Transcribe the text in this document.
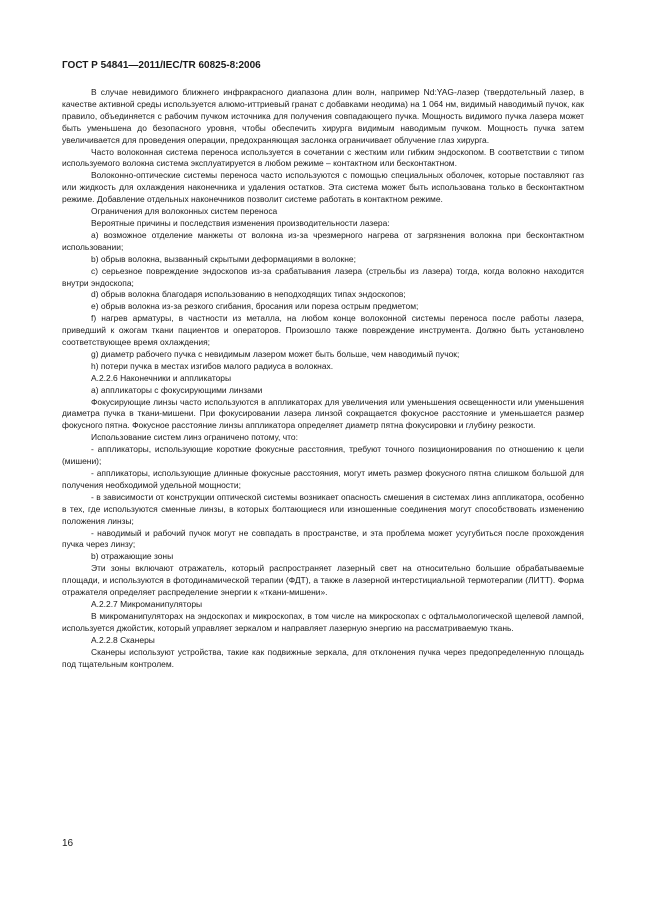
ГОСТ Р 54841—2011/IEC/TR 60825-8:2006

В случае невидимого ближнего инфракрасного диапазона длин волн, например Nd:YAG-лазер (твердотельный лазер, в качестве активной среды используется алюмо-иттриевый гранат с добавками неодима) на 1 064 нм, видимый наводимый пучок, как правило, объединяется с рабочим пучком источника для получения совпадающего пучка. Мощность видимого пучка лазера может быть уменьшена до безопасного уровня, чтобы обеспечить хирурга видимым наводимым пучком. Мощность пучка затем увеличивается для проведения операции, предохраняющая заслонка ограничивает облучение глаз хирурга.

Часто волоконная система переноса используется в сочетании с жестким или гибким эндоскопом. В соответствии с типом используемого волокна система эксплуатируется в любом режиме – контактном или бесконтактном.

Волоконно-оптические системы переноса часто используются с помощью специальных оболочек, которые поставляют газ или жидкость для охлаждения наконечника и удаления остатков. Эта система может быть использована только в бесконтактном режиме. Добавление отдельных наконечников позволит системе работать в контактном режиме.

Ограничения для волоконных систем переноса

Вероятные причины и последствия изменения производительности лазера:

a) возможное отделение манжеты от волокна из-за чрезмерного нагрева от загрязнения волокна при бесконтактном использовании;

b) обрыв волокна, вызванный скрытыми деформациями в волокне;

c) серьезное повреждение эндоскопов из-за срабатывания лазера (стрельбы из лазера) тогда, когда волокно находится внутри эндоскопа;

d) обрыв волокна благодаря использованию в неподходящих типах эндоскопов;

e) обрыв волокна из-за резкого сгибания, бросания или пореза острым предметом;

f) нагрев арматуры, в частности из металла, на любом конце волоконной системы переноса после работы лазера, приведший к ожогам ткани пациентов и операторов. Произошло также повреждение инструмента. Должно быть установлено соответствующее время охлаждения;

g) диаметр рабочего пучка с невидимым лазером может быть больше, чем наводимый пучок;

h) потери пучка в местах изгибов малого радиуса в волокнах.

A.2.2.6 Наконечники и аппликаторы

a) аппликаторы с фокусирующими линзами

Фокусирующие линзы часто используются в аппликаторах для увеличения или уменьшения освещенности или уменьшения диаметра пучка в ткани-мишени. При фокусировании лазера линзой сокращается фокусное расстояние и уменьшается размер фокусного пятна. Фокусное расстояние линзы аппликатора определяет диаметр пятна фокусировки и глубину резкости.

Использование систем линз ограничено потому, что:

- аппликаторы, использующие короткие фокусные расстояния, требуют точного позиционирования по отношению к цели (мишени);

- аппликаторы, использующие длинные фокусные расстояния, могут иметь размер фокусного пятна слишком большой для получения необходимой удельной мощности;

- в зависимости от конструкции оптической системы возникает опасность смешения в системах линз аппликатора, особенно в тех, где используются сменные линзы, в которых болтающиеся или изношенные соединения могут способствовать изменению положения линзы;

- наводимый и рабочий пучок могут не совпадать в пространстве, и эта проблема может усугубиться после прохождения пучка через линзу;

b) отражающие зоны

Эти зоны включают отражатель, который распространяет лазерный свет на относительно большие обрабатываемые площади, и используются в фотодинамической терапии (ФДТ), а также в лазерной интерстициальной термотерапии (ЛИТТ). Форма отражателя определяет распределение энергии к «ткани-мишени».

A.2.2.7 Микроманипуляторы

В микроманипуляторах на эндоскопах и микроскопах, в том числе на микроскопах с офтальмологической щелевой лампой, используется джойстик, который управляет зеркалом и направляет лазерную энергию на рассматриваемую ткань.

A.2.2.8 Сканеры

Сканеры используют устройства, такие как подвижные зеркала, для отклонения пучка через предопределенную площадь под тщательным контролем.

16
